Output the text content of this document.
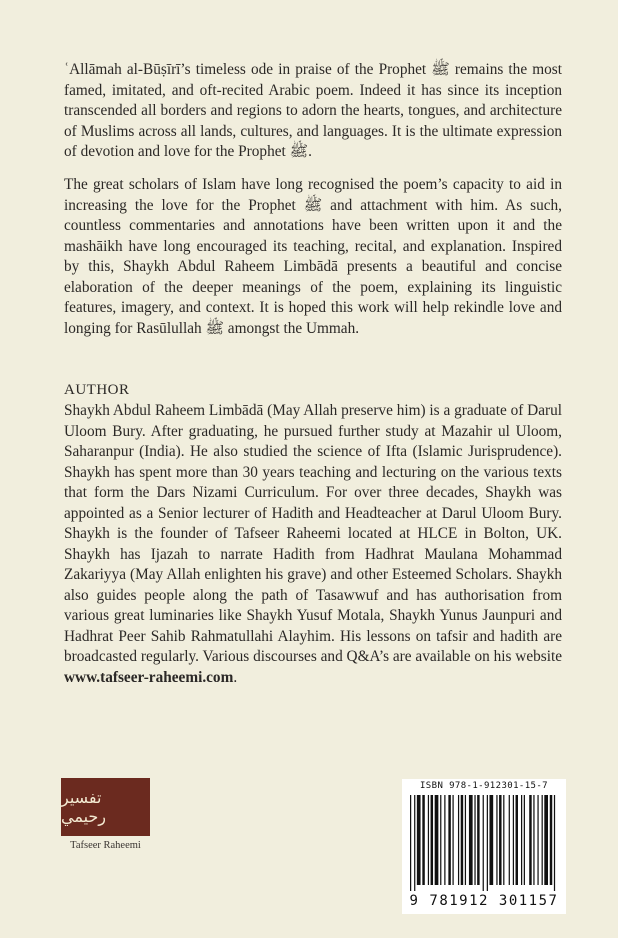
ʿAllāmah al-Būṣīrī’s timeless ode in praise of the Prophet ﷺ remains the most famed, imitated, and oft-recited Arabic poem. Indeed it has since its inception transcended all borders and regions to adorn the hearts, tongues, and architecture of Muslims across all lands, cultures, and languages. It is the ultimate expression of devotion and love for the Prophet ﷺ.

The great scholars of Islam have long recognised the poem’s capacity to aid in increasing the love for the Prophet ﷺ and attachment with him. As such, countless commentaries and annotations have been written upon it and the mashāikh have long encouraged its teaching, recital, and explanation. Inspired by this, Shaykh Abdul Raheem Limbādā presents a beautiful and concise elaboration of the deeper meanings of the poem, explaining its linguistic features, imagery, and context. It is hoped this work will help rekindle love and longing for Rasūlullah ﷺ amongst the Ummah.

AUTHOR

Shaykh Abdul Raheem Limbādā (May Allah preserve him) is a graduate of Darul Uloom Bury. After graduating, he pursued further study at Mazahir ul Uloom, Saharanpur (India). He also studied the science of Ifta (Islamic Jurisprudence). Shaykh has spent more than 30 years teaching and lecturing on the various texts that form the Dars Nizami Curriculum. For over three decades, Shaykh was appointed as a Senior lecturer of Hadith and Headteacher at Darul Uloom Bury. Shaykh is the founder of Tafseer Raheemi located at HLCE in Bolton, UK. Shaykh has Ijazah to narrate Hadith from Hadhrat Maulana Mohammad Zakariyya (May Allah enlighten his grave) and other Esteemed Scholars. Shaykh also guides people along the path of Tasawwuf and has authorisation from various great luminaries like Shaykh Yusuf Motala, Shaykh Yunus Jaunpuri and Hadhrat Peer Sahib Rahmatullahi Alayhim. His lessons on tafsir and hadith are broadcasted regularly. Various discourses and Q&A’s are available on his website www.tafseer-raheemi.com.

تفسير رحيمي
Tafseer Raheemi
ISBN 978-1-912301-15-7
9 781912 301157
